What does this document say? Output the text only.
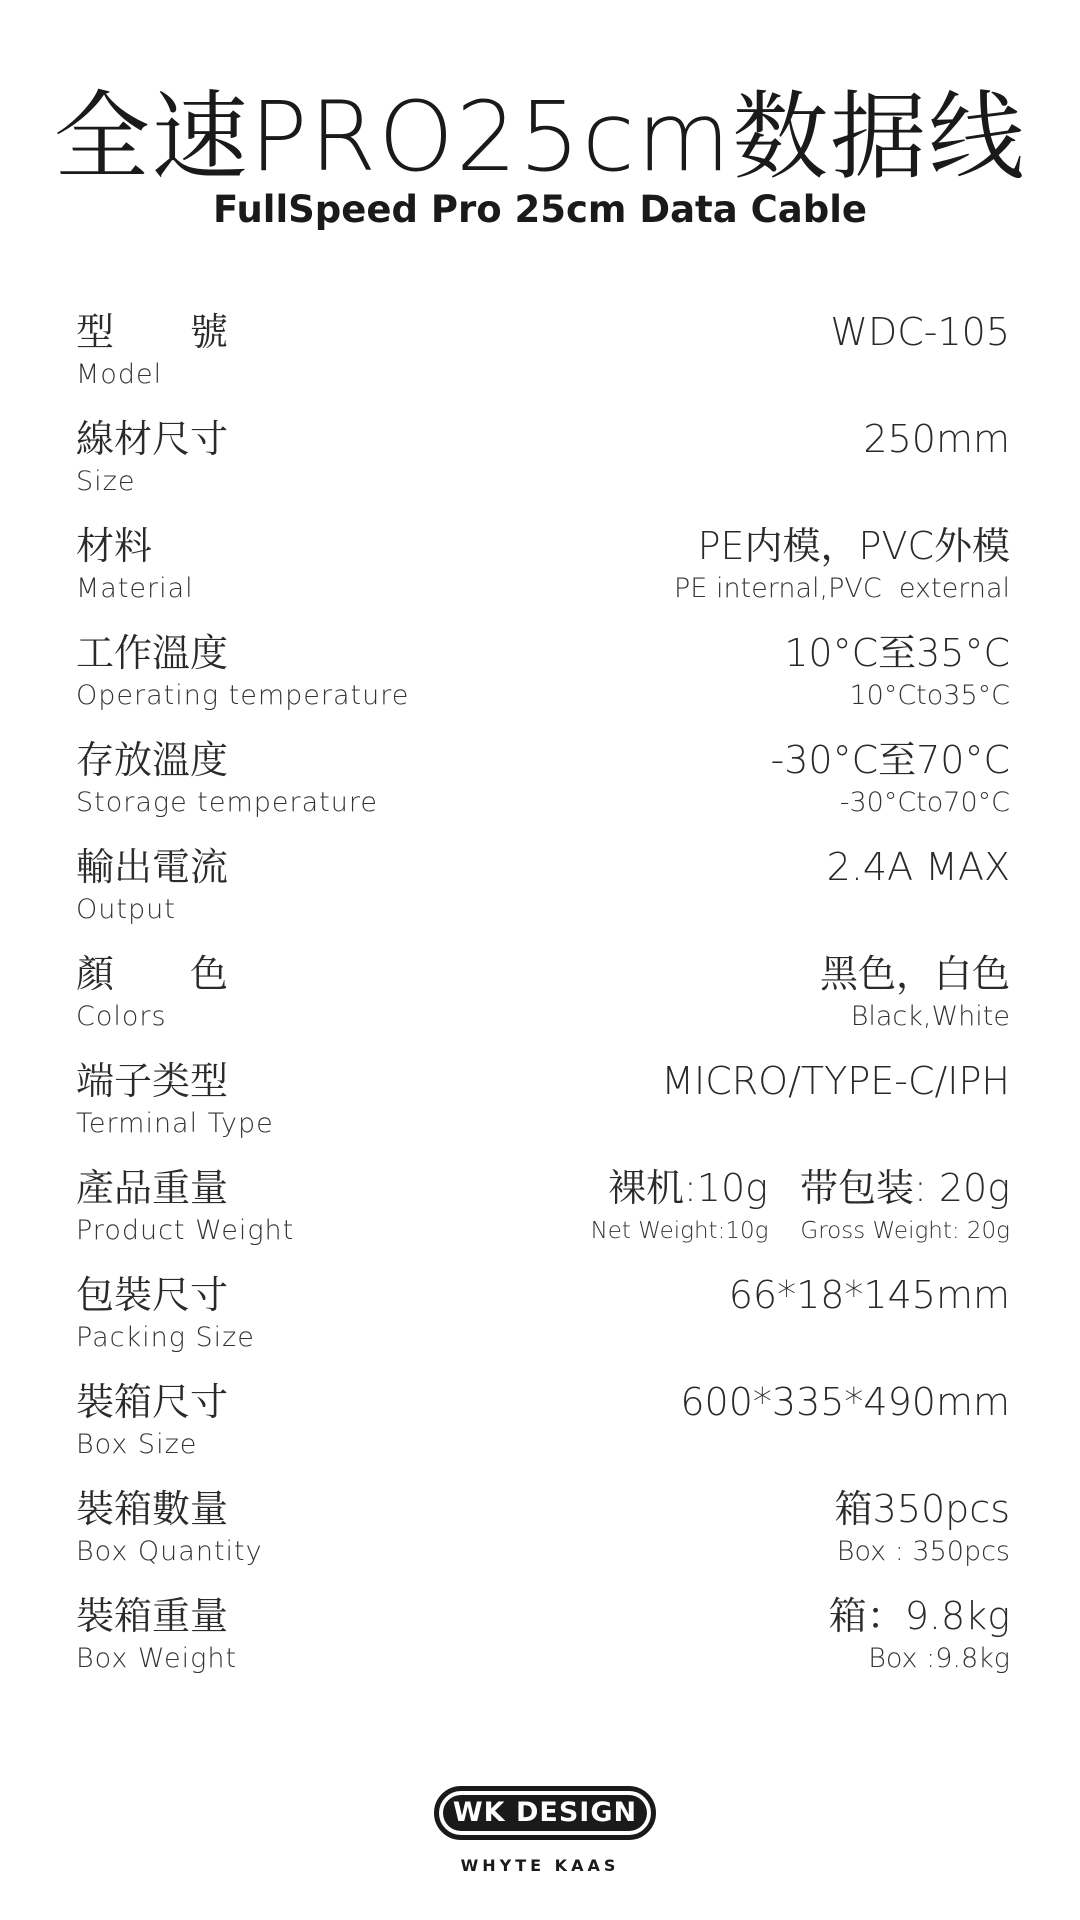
全速PRO25cm数据线
FullSpeed Pro 25cm Data Cable
型　　號
Model
WDC-105
線材尺寸
Size
250mm
材料
Material
PE内模，PVC外模
PE internal,PVC  external
工作溫度
Operating temperature
10°C至35°C
10°Cto35°C
存放溫度
Storage temperature
-30°C至70°C
-30°Cto70°C
輸出電流
Output
2.4A MAX
顏　　色
Colors
黑色，白色
Black,White
端子类型
Terminal Type
MICRO/TYPE-C/IPH
產品重量
Product Weight
裸机:10g 带包装: 20g
Net Weight:10g Gross Weight: 20g
包裝尺寸
Packing Size
66*18*145mm
裝箱尺寸
Box Size
600*335*490mm
裝箱數量
Box Quantity
箱350pcs
Box : 350pcs
裝箱重量
Box Weight
箱：9.8kg
Box :9.8kg
WK DESIGN
WHYTE KAAS
